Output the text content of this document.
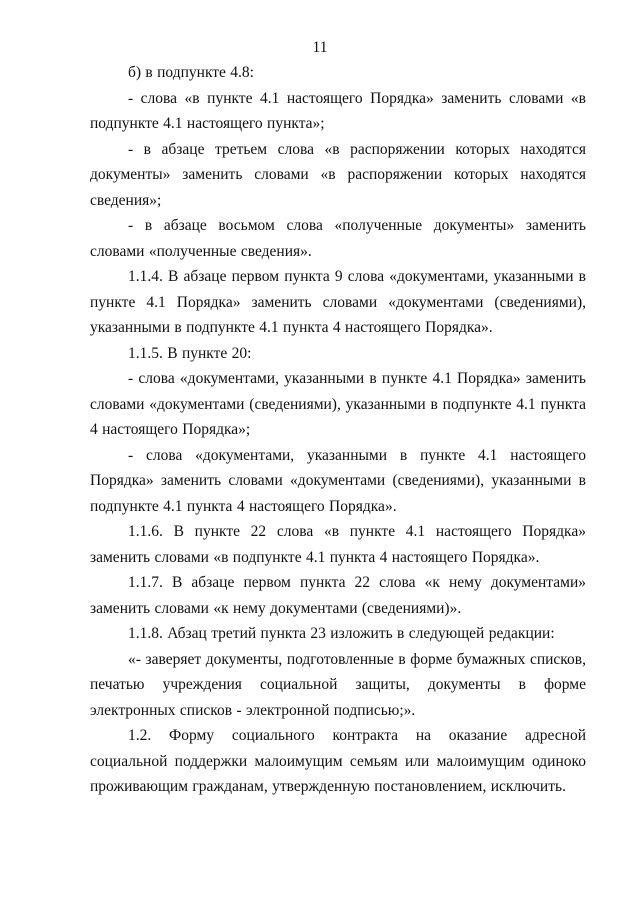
11

б) в подпункте 4.8:

- слова «в пункте 4.1 настоящего Порядка» заменить словами «в подпункте 4.1 настоящего пункта»;

- в абзаце третьем слова «в распоряжении которых находятся документы» заменить словами «в распоряжении которых находятся сведения»;

- в абзаце восьмом слова «полученные документы» заменить словами «полученные сведения».

1.1.4. В абзаце первом пункта 9 слова «документами, указанными в пункте 4.1 Порядка» заменить словами «документами (сведениями), указанными в подпункте 4.1 пункта 4 настоящего Порядка».

1.1.5. В пункте 20:

- слова «документами, указанными в пункте 4.1 Порядка» заменить словами «документами (сведениями), указанными в подпункте 4.1 пункта 4 настоящего Порядка»;

- слова «документами, указанными в пункте 4.1 настоящего Порядка» заменить словами «документами (сведениями), указанными в подпункте 4.1 пункта 4 настоящего Порядка».

1.1.6. В пункте 22 слова «в пункте 4.1 настоящего Порядка» заменить словами «в подпункте 4.1 пункта 4 настоящего Порядка».

1.1.7. В абзаце первом пункта 22 слова «к нему документами» заменить словами «к нему документами (сведениями)».

1.1.8. Абзац третий пункта 23 изложить в следующей редакции:

«- заверяет документы, подготовленные в форме бумажных списков, печатью учреждения социальной защиты, документы в форме электронных списков - электронной подписью;».

1.2. Форму социального контракта на оказание адресной социальной поддержки малоимущим семьям или малоимущим одиноко проживающим гражданам, утвержденную постановлением, исключить.
